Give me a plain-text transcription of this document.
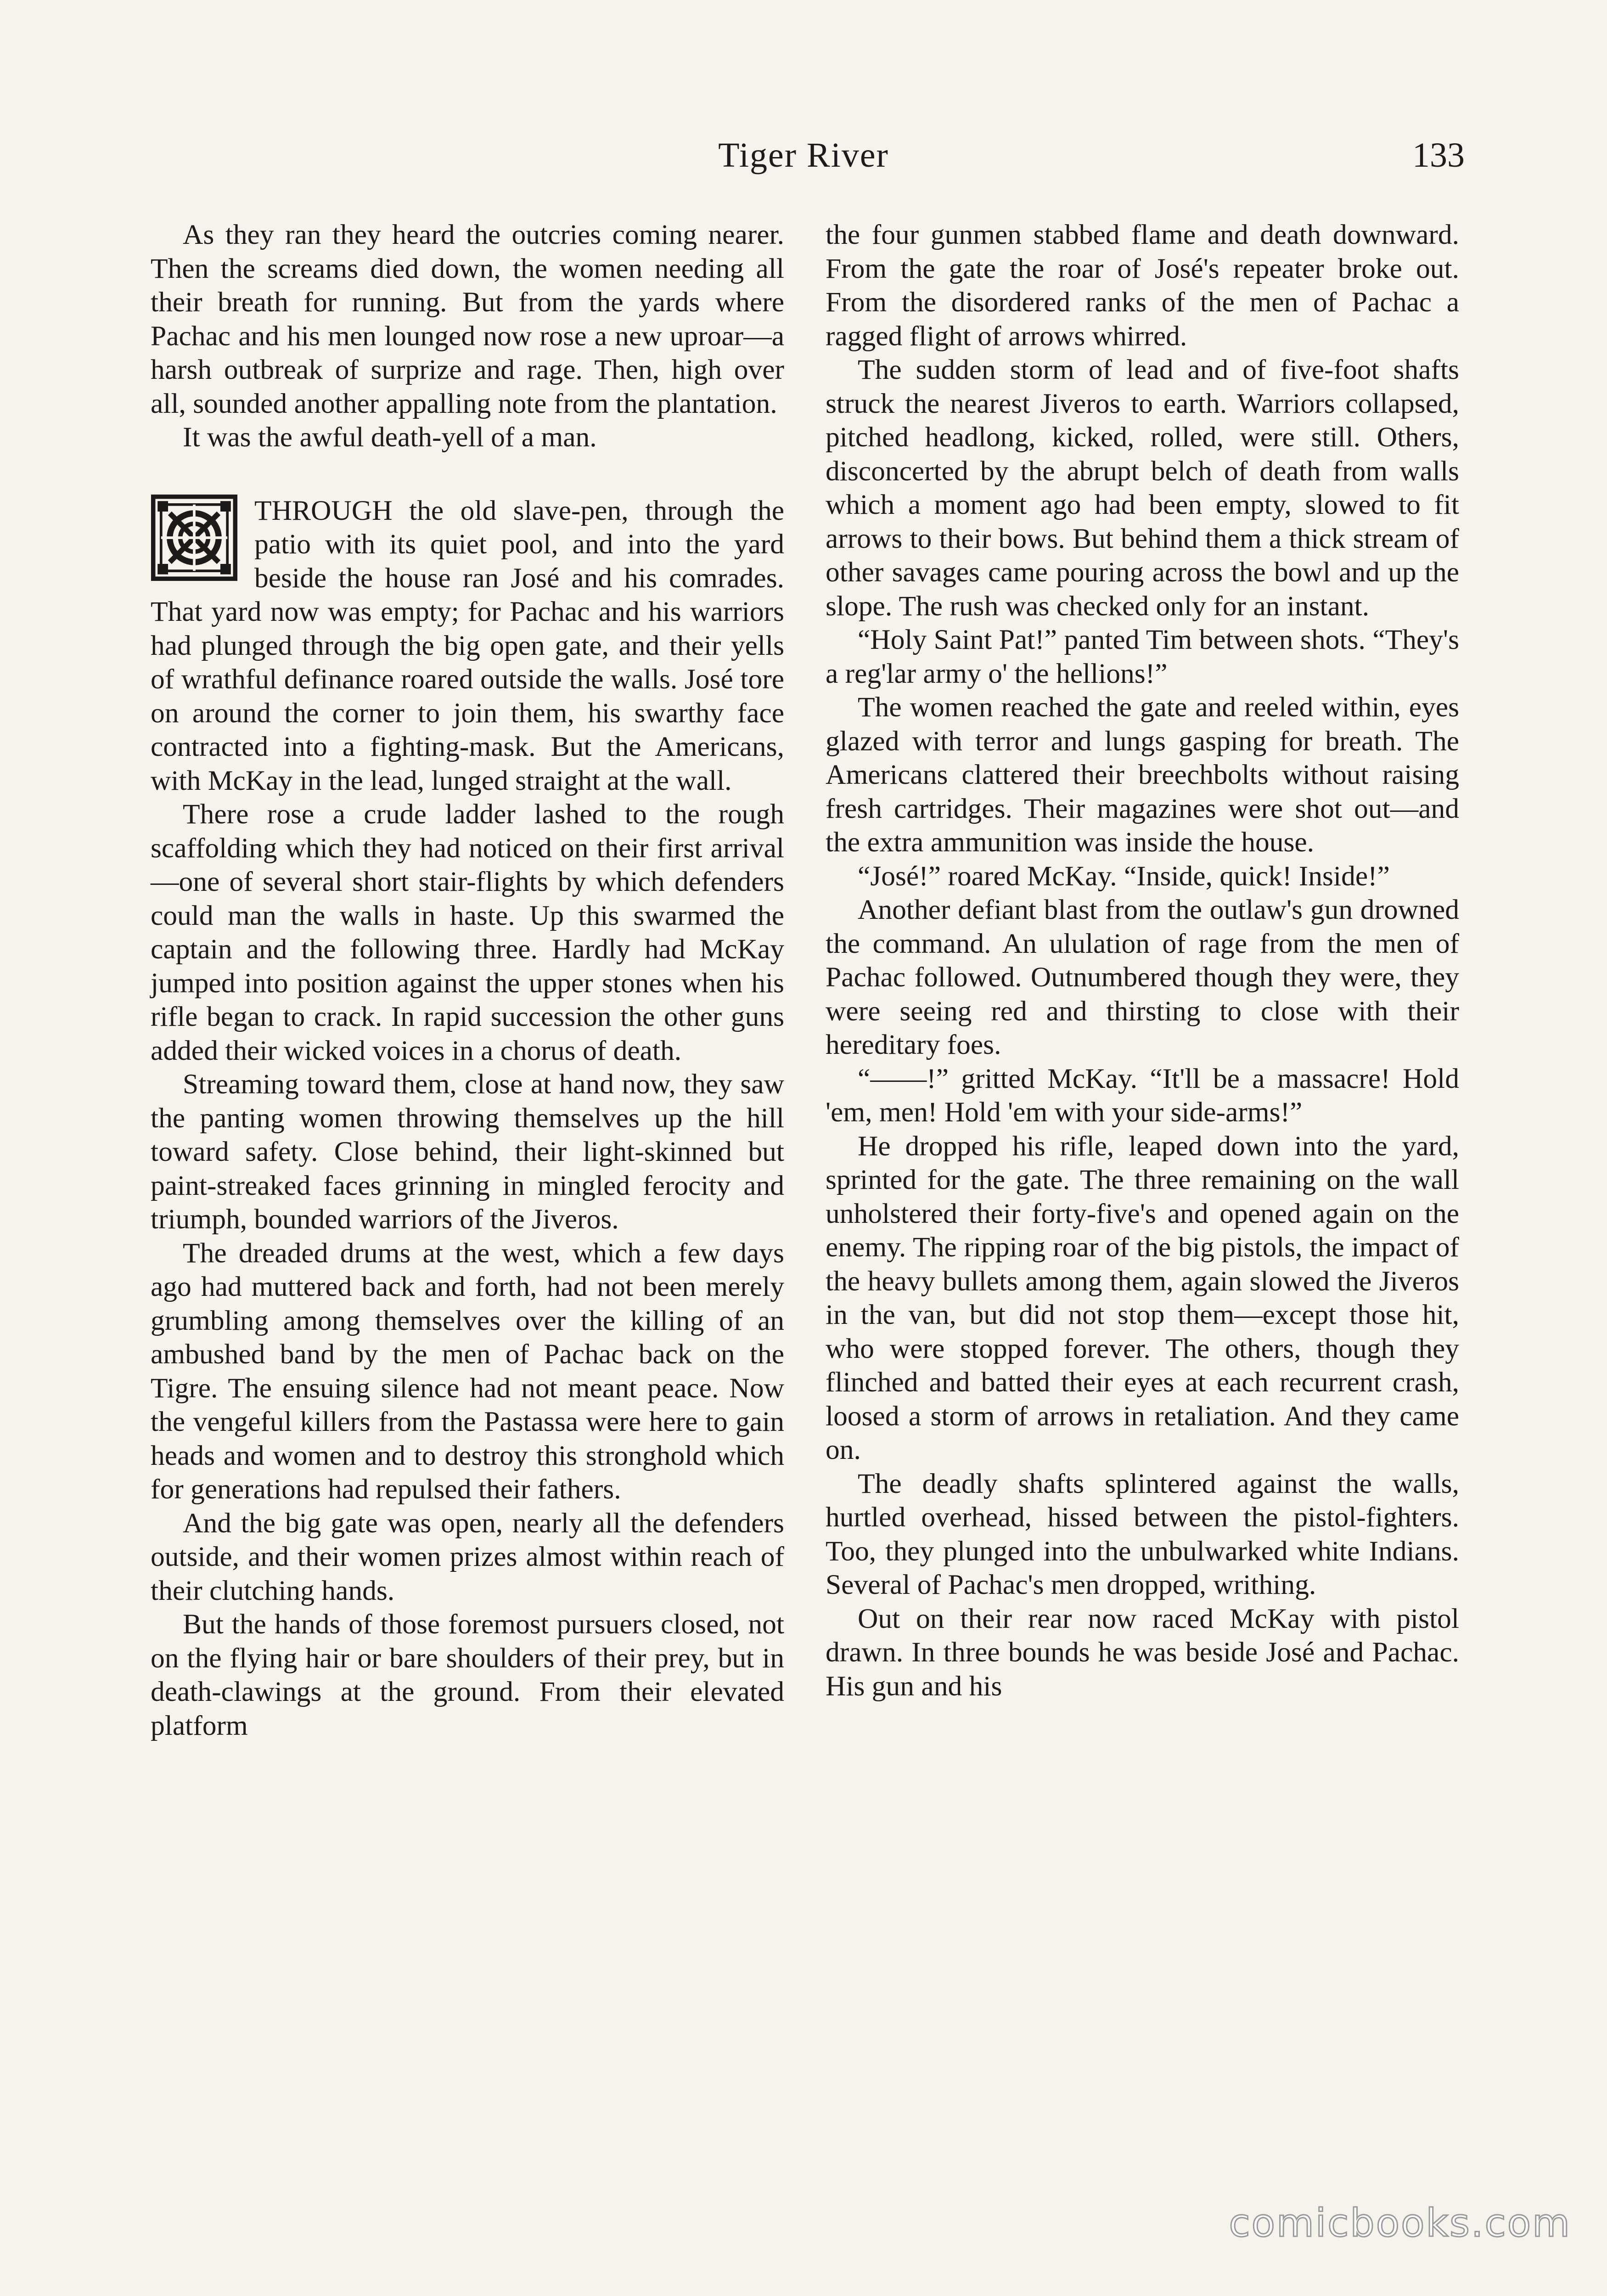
Tiger River	133

As they ran they heard the outcries coming nearer. Then the screams died down, the women needing all their breath for running. But from the yards where Pachac and his men lounged now rose a new uproar—a harsh outbreak of surprize and rage. Then, high over all, sounded another appalling note from the plantation.

It was the awful death-yell of a man.

THROUGH the old slave-pen, through the patio with its quiet pool, and into the yard beside the house ran José and his comrades. That yard now was empty; for Pachac and his warriors had plunged through the big open gate, and their yells of wrathful definance roared outside the walls. José tore on around the corner to join them, his swarthy face contracted into a fighting-mask. But the Americans, with McKay in the lead, lunged straight at the wall.

There rose a crude ladder lashed to the rough scaffolding which they had noticed on their first arrival—one of several short stair-flights by which defenders could man the walls in haste. Up this swarmed the captain and the following three. Hardly had McKay jumped into position against the upper stones when his rifle began to crack. In rapid succession the other guns added their wicked voices in a chorus of death.

Streaming toward them, close at hand now, they saw the panting women throwing themselves up the hill toward safety. Close behind, their light-skinned but paint-streaked faces grinning in mingled ferocity and triumph, bounded warriors of the Jiveros.

The dreaded drums at the west, which a few days ago had muttered back and forth, had not been merely grumbling among themselves over the killing of an ambushed band by the men of Pachac back on the Tigre. The ensuing silence had not meant peace. Now the vengeful killers from the Pastassa were here to gain heads and women and to destroy this stronghold which for generations had repulsed their fathers.

And the big gate was open, nearly all the defenders outside, and their women prizes almost within reach of their clutching hands.

But the hands of those foremost pursuers closed, not on the flying hair or bare shoulders of their prey, but in death-clawings at the ground. From their elevated platform

the four gunmen stabbed flame and death downward. From the gate the roar of José's repeater broke out. From the disordered ranks of the men of Pachac a ragged flight of arrows whirred.

The sudden storm of lead and of five-foot shafts struck the nearest Jiveros to earth. Warriors collapsed, pitched headlong, kicked, rolled, were still. Others, disconcerted by the abrupt belch of death from walls which a moment ago had been empty, slowed to fit arrows to their bows. But behind them a thick stream of other savages came pouring across the bowl and up the slope. The rush was checked only for an instant.

“Holy Saint Pat!” panted Tim between shots. “They's a reg'lar army o' the hellions!”

The women reached the gate and reeled within, eyes glazed with terror and lungs gasping for breath. The Americans clattered their breechbolts without raising fresh cartridges. Their magazines were shot out—and the extra ammunition was inside the house.

“José!” roared McKay. “Inside, quick! Inside!”

Another defiant blast from the outlaw's gun drowned the command. An ululation of rage from the men of Pachac followed. Outnumbered though they were, they were seeing red and thirsting to close with their hereditary foes.

“——!” gritted McKay. “It'll be a massacre! Hold 'em, men! Hold 'em with your side-arms!”

He dropped his rifle, leaped down into the yard, sprinted for the gate. The three remaining on the wall unholstered their forty-five's and opened again on the enemy. The ripping roar of the big pistols, the impact of the heavy bullets among them, again slowed the Jiveros in the van, but did not stop them—except those hit, who were stopped forever. The others, though they flinched and batted their eyes at each recurrent crash, loosed a storm of arrows in retaliation. And they came on.

The deadly shafts splintered against the walls, hurtled overhead, hissed between the pistol-fighters. Too, they plunged into the unbulwarked white Indians. Several of Pachac's men dropped, writhing.

Out on their rear now raced McKay with pistol drawn. In three bounds he was beside José and Pachac. His gun and his

comicbooks.com
